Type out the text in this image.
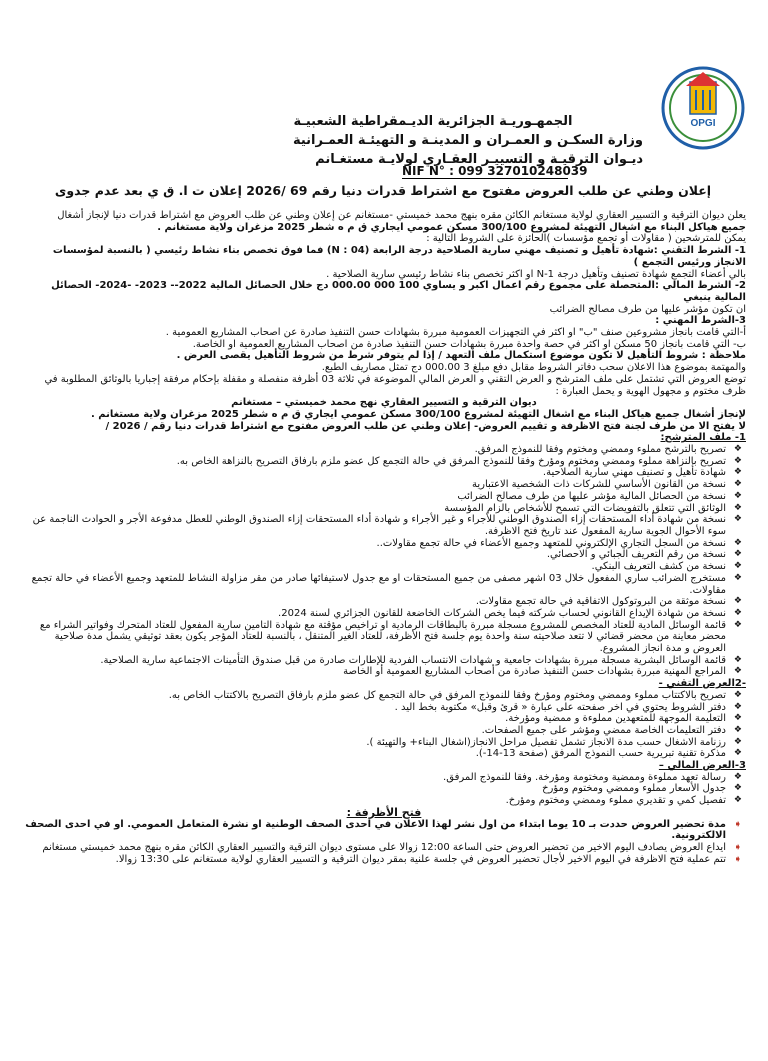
OPGI
الجمهـوريـة الجزائرية الديـمقراطية الشعبيـة
وزارة السكـن و العمـران و المدينـة و التهيئـة العمـرانية
ديـوان الترقيـة و التسييـر العقـاري لولايـة مستغـانم
NIF N° : 099 327010248039
إعلان وطني عن طلب العروض مفتوح مع اشتراط قدرات دنيا رقم 69 /2026 إعلان ت ا. ق ي بعد عدم جدوى

يعلن ديوان الترقية و التسيير العقاري لولاية مستغانم الكائن مقره بنهج محمد خميستي -مستغانم عن إعلان وطني عن طلب العروض مع اشتراط قدرات دنيا لإنجاز أشغال

جميع هياكل البناء مع اشغال التهيئة لمشروع 300/100 مسكن عمومي ايجاري ق م ه شطر 2025 مزغران ولاية مستغانم .

يمكن للمترشحين ( مقاولات أو تجمع مؤسسات )الحائزة على الشروط التالية :

1- الشرط التقني :شهادة تأهيل و تصنيف مهني سارية الصلاحية درجة الرابعة (N : 04) فما فوق تخصص بناء نشاط رئيسي ( بالنسبة لمؤسسات الانجاز ورئيس التجمع )

بالي أعضاء التجمع شهادة تصنيف وتأهيل درجة N-1 او اكثر تخصص بناء نشاط رئيسي سارية الصلاحية .

2- الشرط المالي :المتحصلة على مجموع رقم اعمال اكبر و يساوي 100 000 000.00 دج خلال الحصائل المالية 2022-- 2023- -2024- الحصائل المالية ينبغي

ان تكون مؤشر عليها من طرف مصالح الضرائب

3-الشرط المهني :

أ-التي قامت بانجاز مشروعين صنف "ب" او اكثر في التجهيزات العمومية مبررة بشهادات حسن التنفيذ صادرة عن اصحاب المشاريع العمومية .

ب- التي قامت بانجاز 50 مسكن او اكثر في حصة واحدة مبررة بشهادات حسن التنفيذ صادرة من اصحاب المشاريع العمومية او الخاصة.

ملاحظة : شروط التأهيل لا تكون موضوع استكمال ملف التعهد / إذا لم يتوفر شرط من شروط التأهيل يقصى العرض .

والمهتمة بموضوع هذا الاعلان سحب دفاتر الشروط مقابل دفع مبلغ 3 000.00 دج تمثل مصاريف الطبع.

توضع العروض التي تشتمل على ملف المترشح و العرض التقني و العرض المالي الموضوعة في ثلاثة 03 أظرفة منفصلة و مقفلة بإحكام مرفقة إجباريا بالوثائق المطلوبة في

ظرف مختوم و مجهول الهوية و يحمل العبارة :

ديوان الترقية و التسيير العقاري نهج محمد خميستي – مستغانم

لإنجاز أشغال جميع هياكل البناء مع اشغال التهيئة لمشروع 300/100 مسكن عمومي ايجاري ق م ه شطر 2025 مزغران ولاية مستغانم .

لا يفتح الا من طرف لجنة فتح الاظرفة و تقييم العروض- إعلان وطني عن طلب العروض مفتوح مع اشتراط قدرات دنيا رقم / 2026 /

1- ملف المترشح:

❖
تصريح بالترشح مملوء وممضي ومختوم وفقا للنموذج المرفق.
❖
تصريح بالنزاهة مملوء وممضي ومختوم ومؤرخ وفقا للنموذج المرفق في حالة التجمع كل عضو ملزم بارفاق التصريح بالنزاهة الخاص به.
❖
شهادة تأهيل و تصنيف مهني سارية الصلاحية.
❖
نسخة من القانون الأساسي للشركات ذات الشخصية الاعتبارية
❖
نسخة من الحصائل المالية مؤشر عليها من طرف مصالح الضرائب
❖
الوثائق التي تتعلق بالتفويضات التي تسمح للأشخاص بالزام المؤسسة
❖
نسخة من شهادة أداء المستحقات إزاء الصندوق الوطني للأجراء و غير الأجراء و شهادة أداء المستحقات إزاء الصندوق الوطني للعطل مدفوعة الأجر و الحوادث الناجمة عن سوء الأحوال الجوية سارية المفعول عند تاريخ فتح الاظرفة.
❖
نسخة من السجل التجاري الإلكتروني للمتعهد وجميع الأعضاء في حالة تجمع مقاولات..
❖
نسخة من رقم التعريف الجبائي و الاحصائي.
❖
نسخة من كشف التعريف البنكي.
❖
مستخرج الضرائب ساري المفعول خلال 03 اشهر مصفى من جميع المستحقات او مع جدول لاستيفائها صادر من مقر مزاولة النشاط للمتعهد وجميع الأعضاء في حالة تجمع مقاولات.
❖
نسخة موثقة من البروتوكول الاتفاقية في حالة تجمع مقاولات.
❖
نسخة من شهادة الإيداع القانوني لحساب شركته فيما يخص الشركات الخاضعة للقانون الجزائري لسنة 2024.
❖
قائمة الوسائل المادية للعتاد المخصص للمشروع مسجلة مبررة بالبطاقات الرمادية او تراخيص مؤقتة مع شهادة التامين سارية المفعول للعتاد المتحرك وفواتير الشراء مع محضر معاينة من محضر قضائي لا تتعد صلاحيته سنة واحدة يوم جلسة فتح الأظرفة، للعتاد الغير المتنقل ، بالنسبة للعتاد المؤجر يكون بعقد توثيقي يشمل مدة صلاحية العروض و مدة انجاز المشروع.
❖
قائمة الوسائل البشرية مسجلة مبررة بشهادات جامعية و شهادات الانتساب الفردية للإطارات صادرة من قبل صندوق التأمينات الاجتماعية سارية الصلاحية.
❖
المراجع المهنية مبررة بشهادات حسن التنفيذ صادرة من أصحاب المشاريع العمومية أو الخاصة

-2العرض التقني -

❖
تصريح بالاكتتاب مملوء وممضي ومختوم ومؤرخ وفقا للنموذج المرفق في حالة التجمع كل عضو ملزم بارفاق التصريح بالاكتتاب الخاص به.
❖
دفتر الشروط يحتوي في اخر صفحته على عبارة « قرئ وقبل» مكتوبة بخط اليد .
❖
التعليمة الموجهة للمتعهدين مملوءة و ممضية ومؤرخة.
❖
دفتر التعليمات الخاصة ممضي ومؤشر على جميع الصفحات.
❖
رزنامة الاشغال حسب مدة الانجاز تشمل تفصيل مراحل الانجاز(اشغال البناء+ والتهيئة ).
❖
مذكرة تقنية تبريرية حسب النموذج المرفق (صفحة 13-14-).

3-العرض المالي –

❖
رسالة تعهد مملوءة وممضية ومختومة ومؤرخة. وفقا للنموذج المرفق.
❖
جدول الأسعار مملوء وممضي ومختوم ومؤرخ
❖
تفصيل كمي و تقديري مملوء وممضي ومختوم ومؤرخ.

فتح الأظرفة :

➧
مدة تحضير العروض حددت بـ 10 يوما ابتداء من اول نشر لهذا الاعلان في احدى الصحف الوطنية او نشرة المتعامل العمومي. او في احدى الصحف الالكترونية.
➧
ايداع العروض يصادف اليوم الاخير من تحضير العروض حتى الساعة 12:00 زوالا على مستوى ديوان الترقية والتسيير العقاري الكائن مقره بنهج محمد خميستي مستغانم
➧
تتم عملية فتح الاظرفة في اليوم الاخير لأجال تحضير العروض في جلسة علنية بمقر ديوان الترقية و التسيير العقاري لولاية مستغانم على 13:30 زوالا.
